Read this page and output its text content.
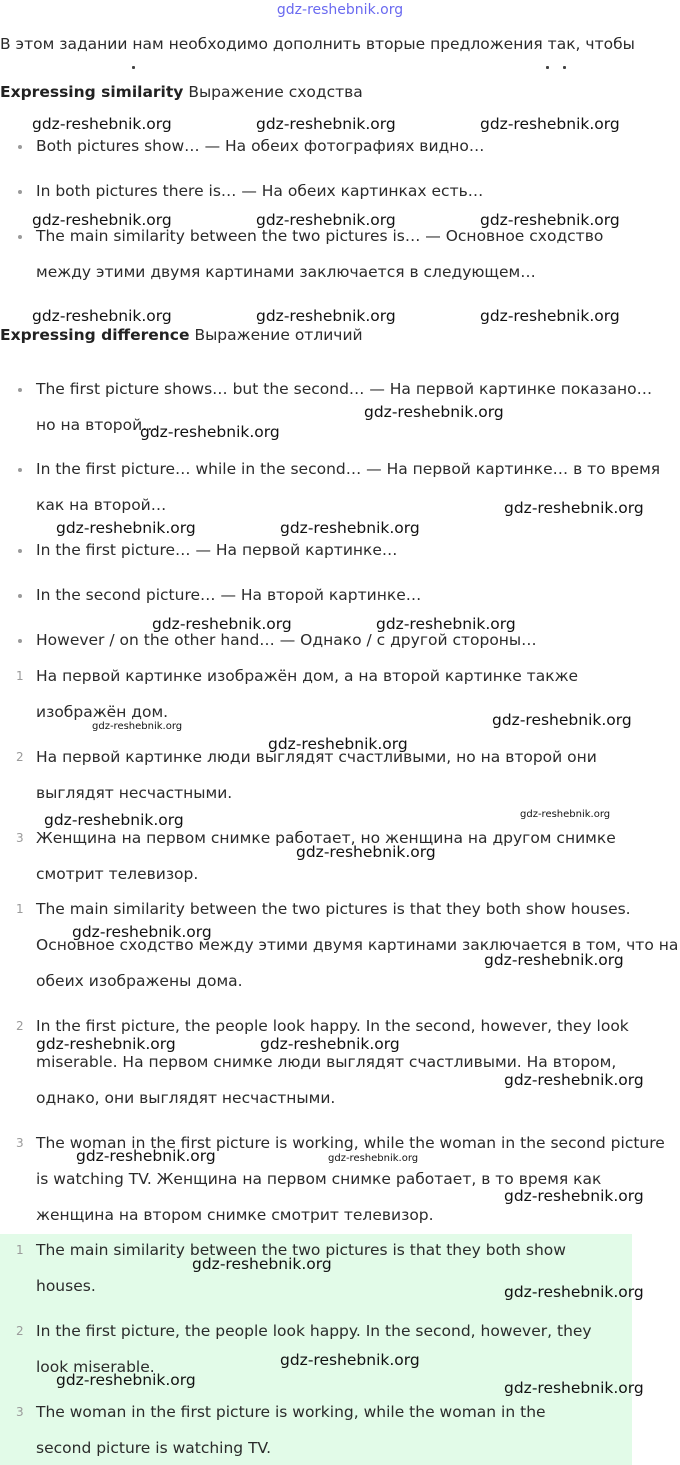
gdz-reshebnik.org
В этом задании нам необходимо дополнить вторые предложения так, чтобы
Expressing similarity Выражение сходства
Both pictures show… — На обеих фотографиях видно…
In both pictures there is… — На обеих картинках есть…
The main similarity between the two pictures is… — Основное сходство между этими двумя картинами заключается в следующем…
Expressing difference Выражение отличий
The first picture shows… but the second… — На первой картинке показано… но на второй…
In the first picture… while in the second… — На первой картинке… в то время как на второй…
In the first picture… — На первой картинке…
In the second picture… — На второй картинке…
However / on the other hand… — Однако / с другой стороны…
1 На первой картинке изображён дом, а на второй картинке также изображён дом.
2 На первой картинке люди выглядят счастливыми, но на второй они выглядят несчастными.
3 Женщина на первом снимке работает, но женщина на другом снимке смотрит телевизор.
1 The main similarity between the two pictures is that they both show houses. Основное сходство между этими двумя картинами заключается в том, что на обеих изображены дома.
2 In the first picture, the people look happy. In the second, however, they look miserable. На первом снимке люди выглядят счастливыми. На втором, однако, они выглядят несчастными.
3 The woman in the first picture is working, while the woman in the second picture is watching TV. Женщина на первом снимке работает, в то время как женщина на втором снимке смотрит телевизор.
1 The main similarity between the two pictures is that they both show houses.
2 In the first picture, the people look happy. In the second, however, they look miserable.
3 The woman in the first picture is working, while the woman in the second picture is watching TV.
gdz-reshebnik.org	gdz-reshebnik.org	gdz-reshebnik.org
gdz-reshebnik.org	gdz-reshebnik.org	gdz-reshebnik.org
gdz-reshebnik.org	gdz-reshebnik.org	gdz-reshebnik.org
gdz-reshebnik.org
gdz-reshebnik.org
gdz-reshebnik.org
gdz-reshebnik.org	gdz-reshebnik.org
gdz-reshebnik.org	gdz-reshebnik.org
gdz-reshebnik.org	gdz-reshebnik.org
gdz-reshebnik.org
gdz-reshebnik.org
gdz-reshebnik.org
gdz-reshebnik.org
gdz-reshebnik.org
gdz-reshebnik.org
gdz-reshebnik.org	gdz-reshebnik.org
gdz-reshebnik.org
gdz-reshebnik.org	gdz-reshebnik.org
gdz-reshebnik.org
gdz-reshebnik.org
gdz-reshebnik.org
gdz-reshebnik.org
gdz-reshebnik.org	gdz-reshebnik.org
